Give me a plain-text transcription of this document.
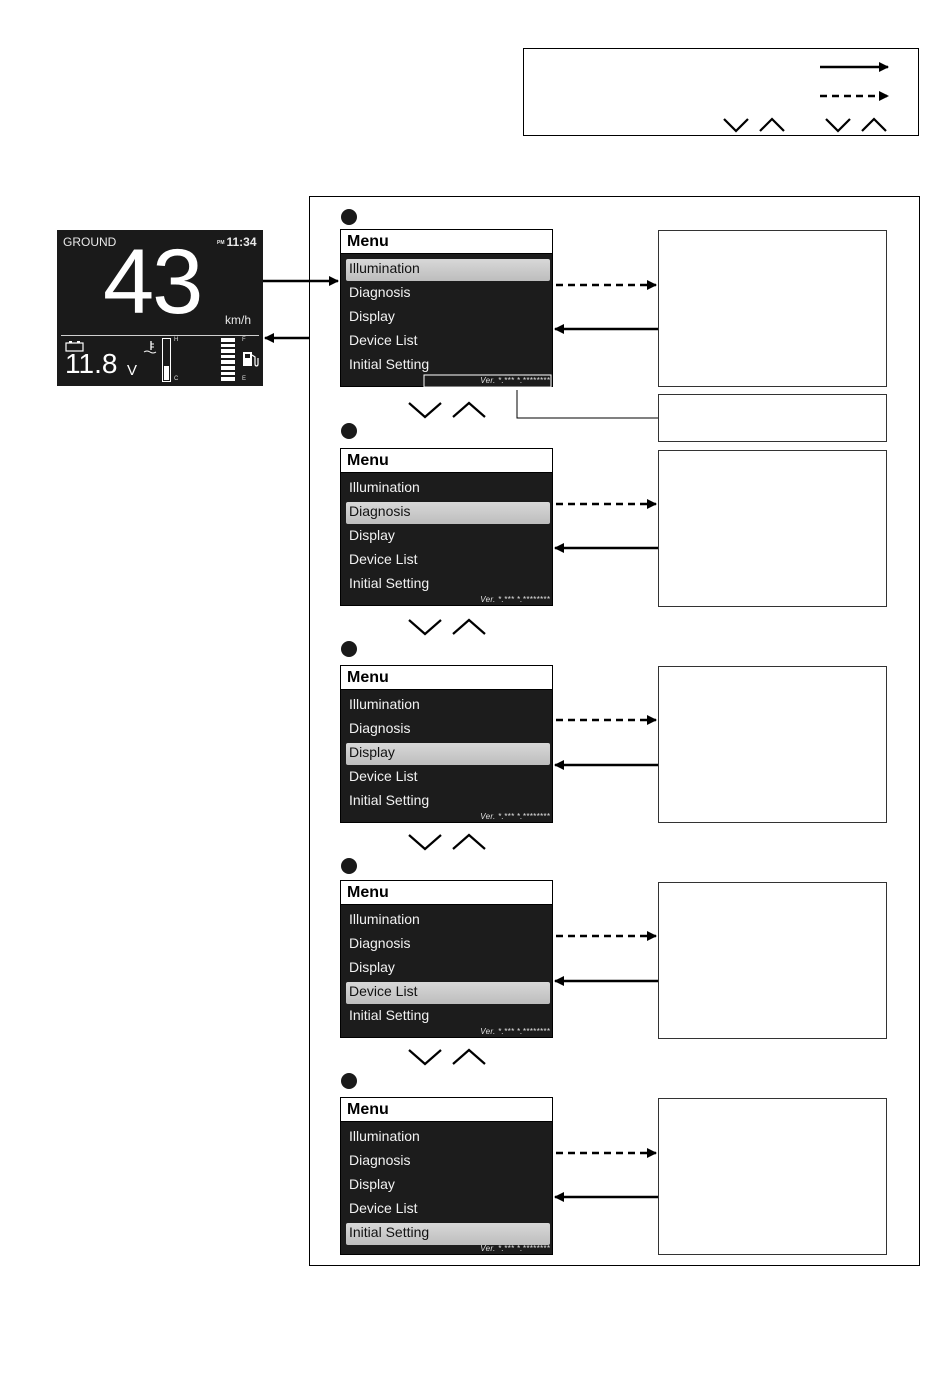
GROUND	PM 11:34
43 km/h
11.8 V
H
C
F
E
Menu
Illumination
Diagnosis
Display
Device List
Initial Setting
Ver. *.*** *.********
Menu
Illumination
Diagnosis
Display
Device List
Initial Setting
Ver. *.*** *.********
Menu
Illumination
Diagnosis
Display
Device List
Initial Setting
Ver. *.*** *.********
Menu
Illumination
Diagnosis
Display
Device List
Initial Setting
Ver. *.*** *.********
Menu
Illumination
Diagnosis
Display
Device List
Initial Setting
Ver. *.*** *.********
